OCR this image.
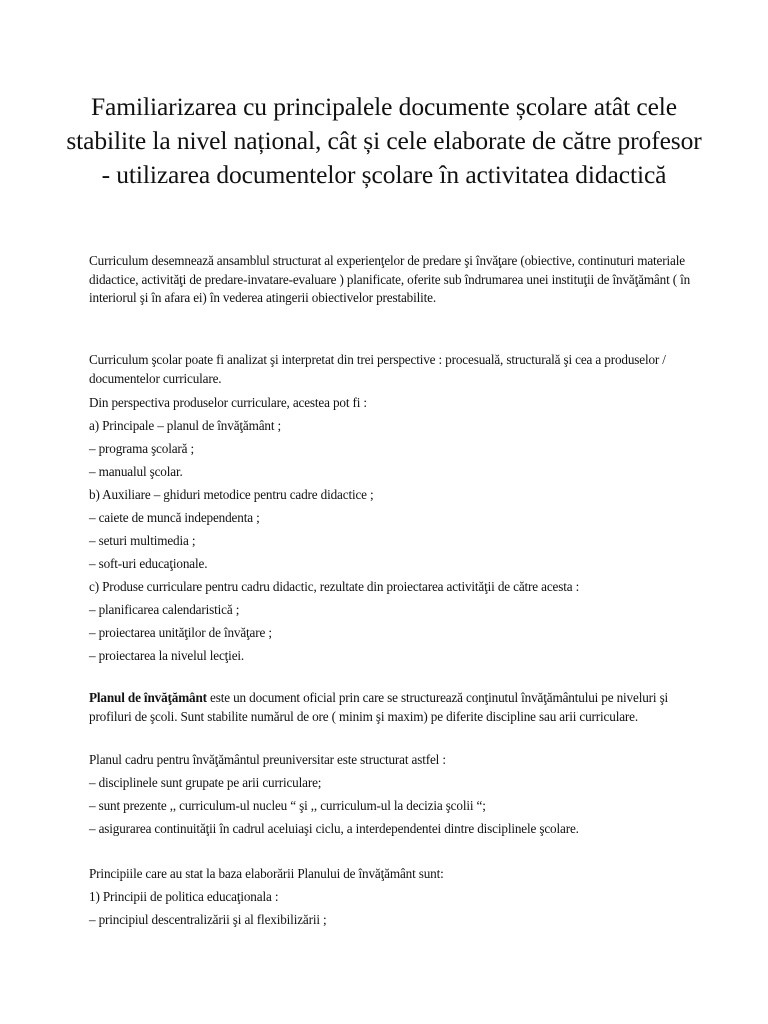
Familiarizarea cu principalele documente școlare atât cele stabilite la nivel național, cât și cele elaborate de către profesor - utilizarea documentelor școlare în activitatea didactică

Curriculum desemnează ansamblul structurat al experienţelor de predare şi învăţare (obiective, continuturi materiale didactice, activităţi de predare-invatare-evaluare ) planificate, oferite sub îndrumarea unei instituţii de învăţământ ( în interiorul şi în afara ei) în vederea atingerii obiectivelor prestabilite.

Curriculum şcolar poate fi analizat şi interpretat din trei perspective : procesuală, structurală şi cea a produselor / documentelor curriculare.

Din perspectiva produselor curriculare, acestea pot fi :

a) Principale – planul de învăţământ ;

– programa şcolară ;

– manualul şcolar.

b) Auxiliare – ghiduri metodice pentru cadre didactice ;

– caiete de muncă independenta ;

– seturi multimedia ;

– soft-uri educaţionale.

c) Produse curriculare pentru cadru didactic, rezultate din proiectarea activităţii de către acesta :

– planificarea calendaristică ;

– proiectarea unităţilor de învăţare ;

– proiectarea la nivelul lecţiei.

Planul de învăţământ este un document oficial prin care se structurează conţinutul învăţământului pe niveluri şi profiluri de şcoli. Sunt stabilite numărul de ore ( minim şi maxim) pe diferite discipline sau arii curriculare.

Planul cadru pentru învăţământul preuniversitar este structurat astfel :

– disciplinele sunt grupate pe arii curriculare;

– sunt prezente ,, curriculum-ul nucleu “ şi ,, curriculum-ul la decizia şcolii “;

– asigurarea continuităţii în cadrul aceluiaşi ciclu, a interdependentei dintre disciplinele şcolare.

Principiile care au stat la baza elaborării Planului de învăţământ sunt:

1) Principii de politica educaţionala :

– principiul descentralizării şi al flexibilizării ;
